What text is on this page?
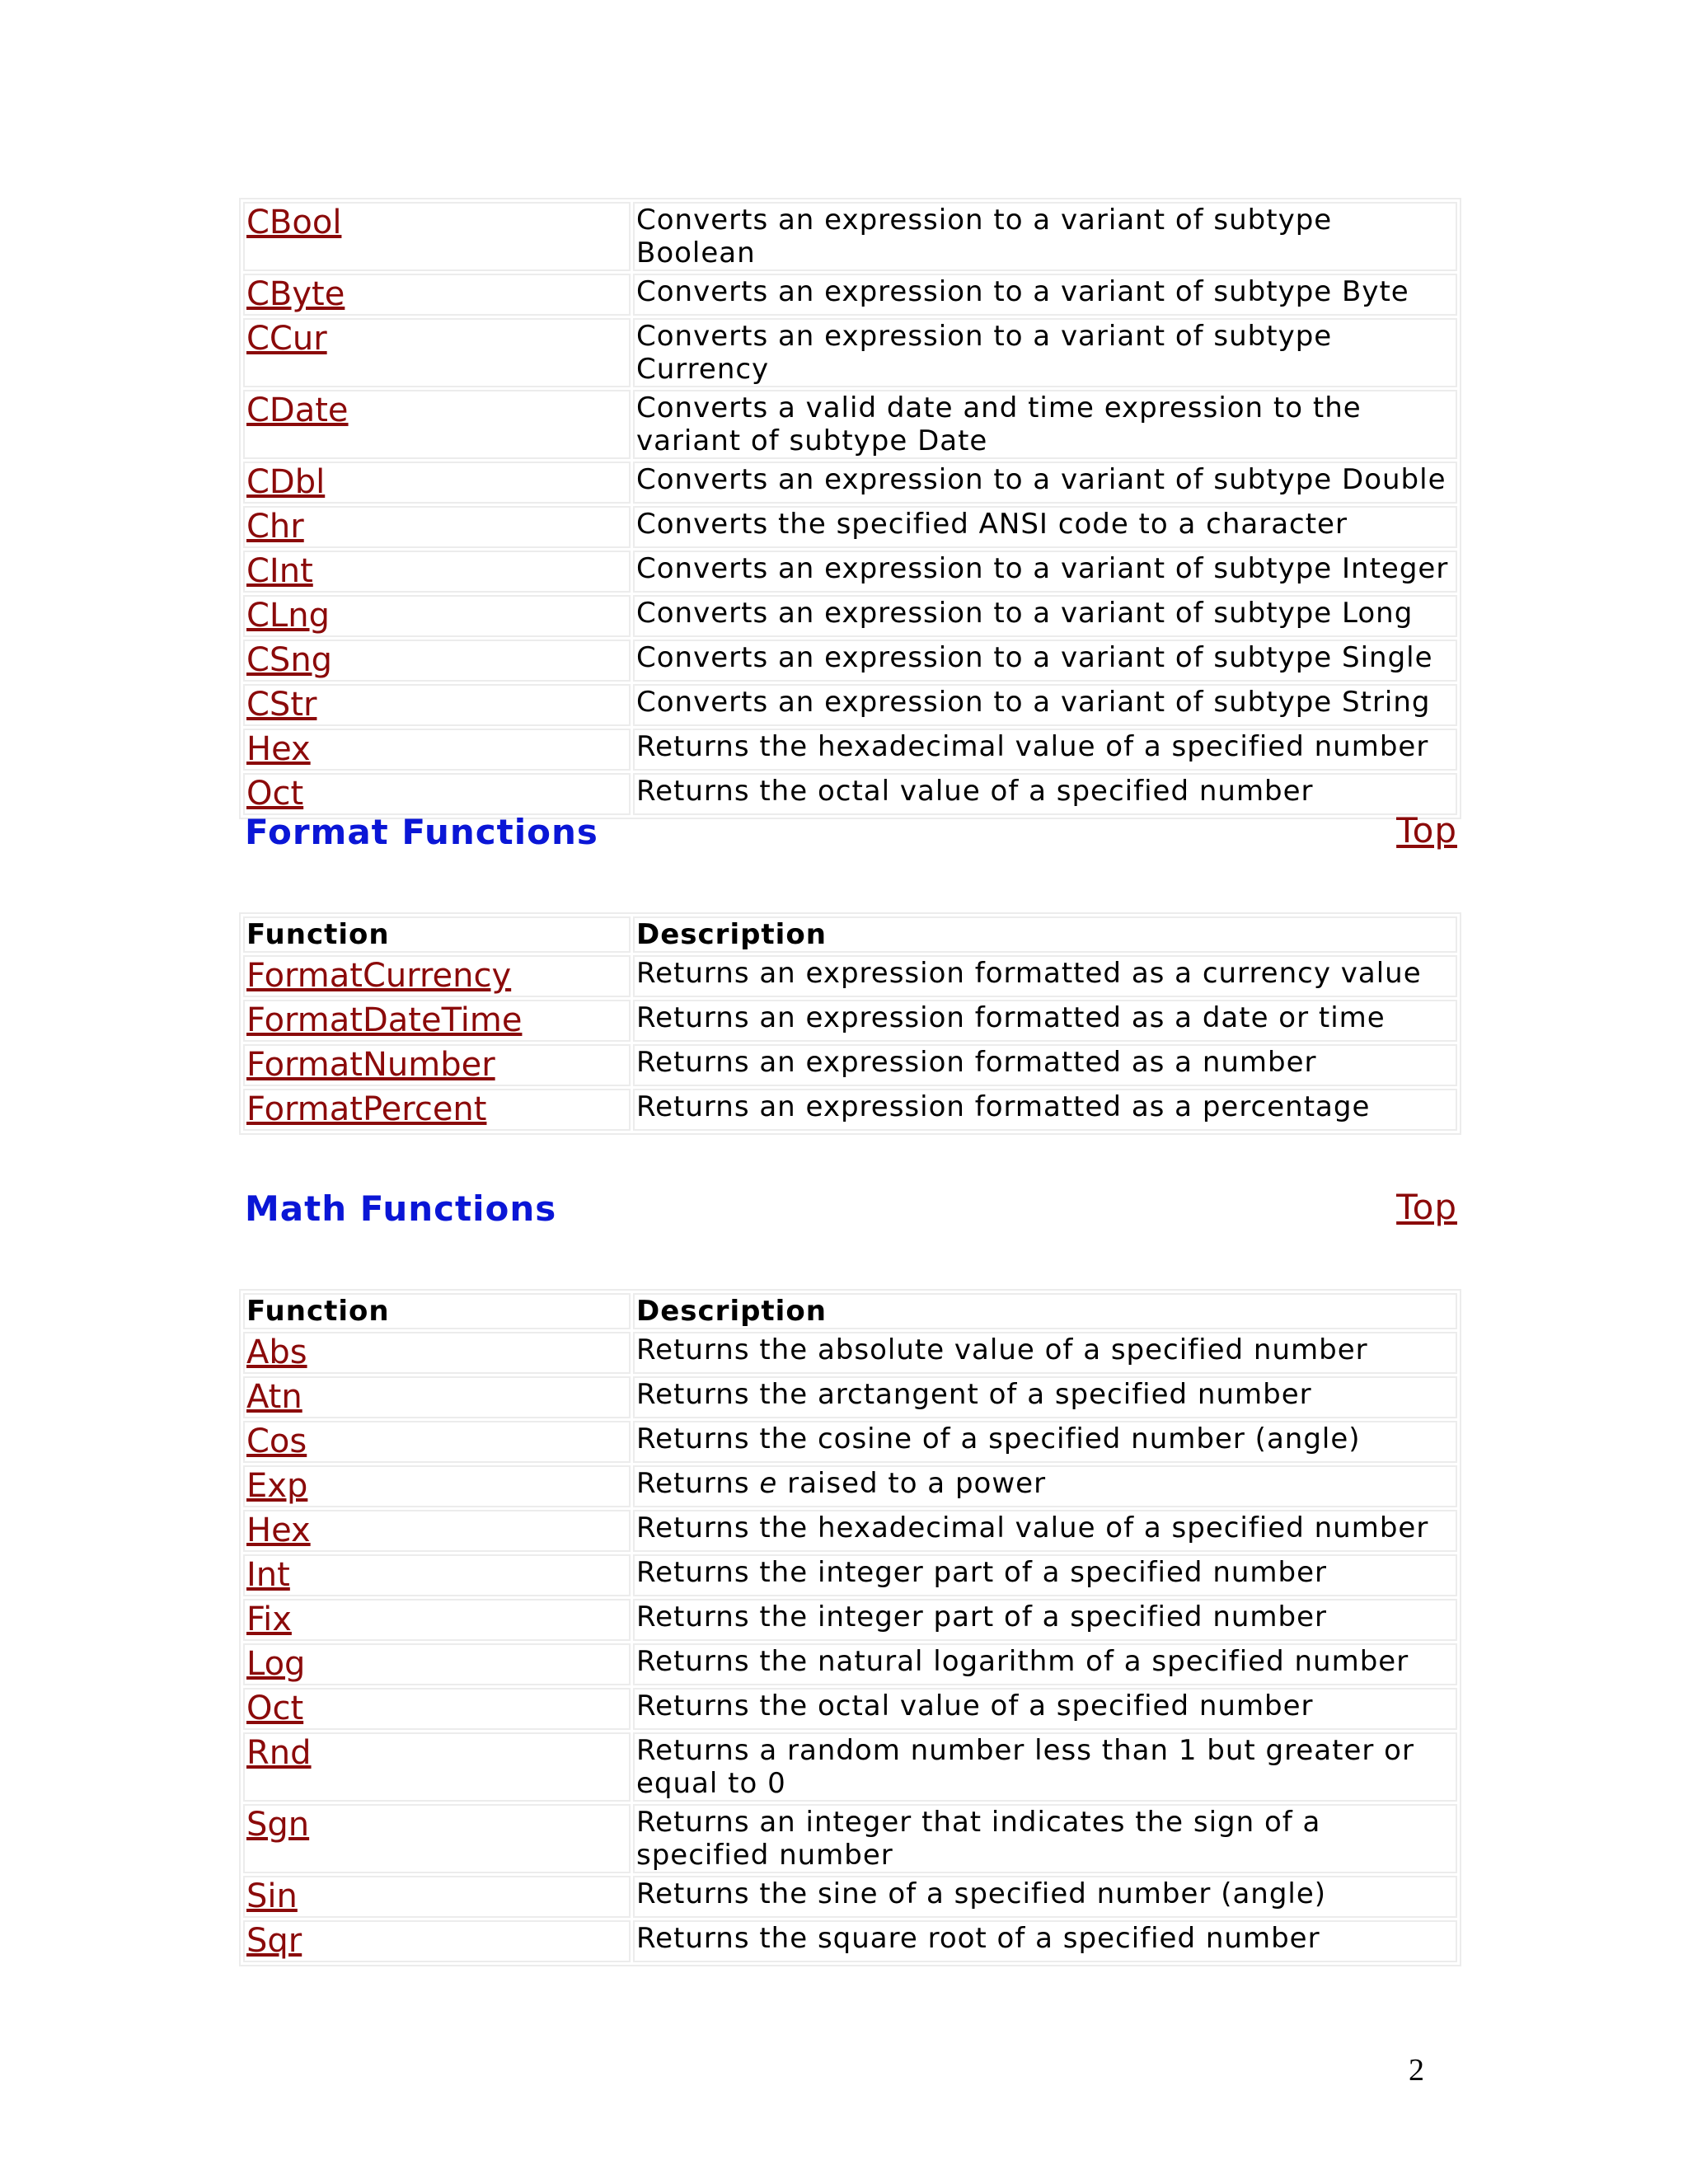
CBool	Converts an expression to a variant of subtype Boolean
CByte	Converts an expression to a variant of subtype Byte
CCur	Converts an expression to a variant of subtype Currency
CDate	Converts a valid date and time expression to the variant of subtype Date
CDbl	Converts an expression to a variant of subtype Double
Chr	Converts the specified ANSI code to a character
CInt	Converts an expression to a variant of subtype Integer
CLng	Converts an expression to a variant of subtype Long
CSng	Converts an expression to a variant of subtype Single
CStr	Converts an expression to a variant of subtype String
Hex	Returns the hexadecimal value of a specified number
Oct	Returns the octal value of a specified number
Format Functions	Top
Function	Description
FormatCurrency	Returns an expression formatted as a currency value
FormatDateTime	Returns an expression formatted as a date or time
FormatNumber	Returns an expression formatted as a number
FormatPercent	Returns an expression formatted as a percentage
Math Functions	Top
Function	Description
Abs	Returns the absolute value of a specified number
Atn	Returns the arctangent of a specified number
Cos	Returns the cosine of a specified number (angle)
Exp	Returns e raised to a power
Hex	Returns the hexadecimal value of a specified number
Int	Returns the integer part of a specified number
Fix	Returns the integer part of a specified number
Log	Returns the natural logarithm of a specified number
Oct	Returns the octal value of a specified number
Rnd	Returns a random number less than 1 but greater or equal to 0
Sgn	Returns an integer that indicates the sign of a specified number
Sin	Returns the sine of a specified number (angle)
Sqr	Returns the square root of a specified number
2
